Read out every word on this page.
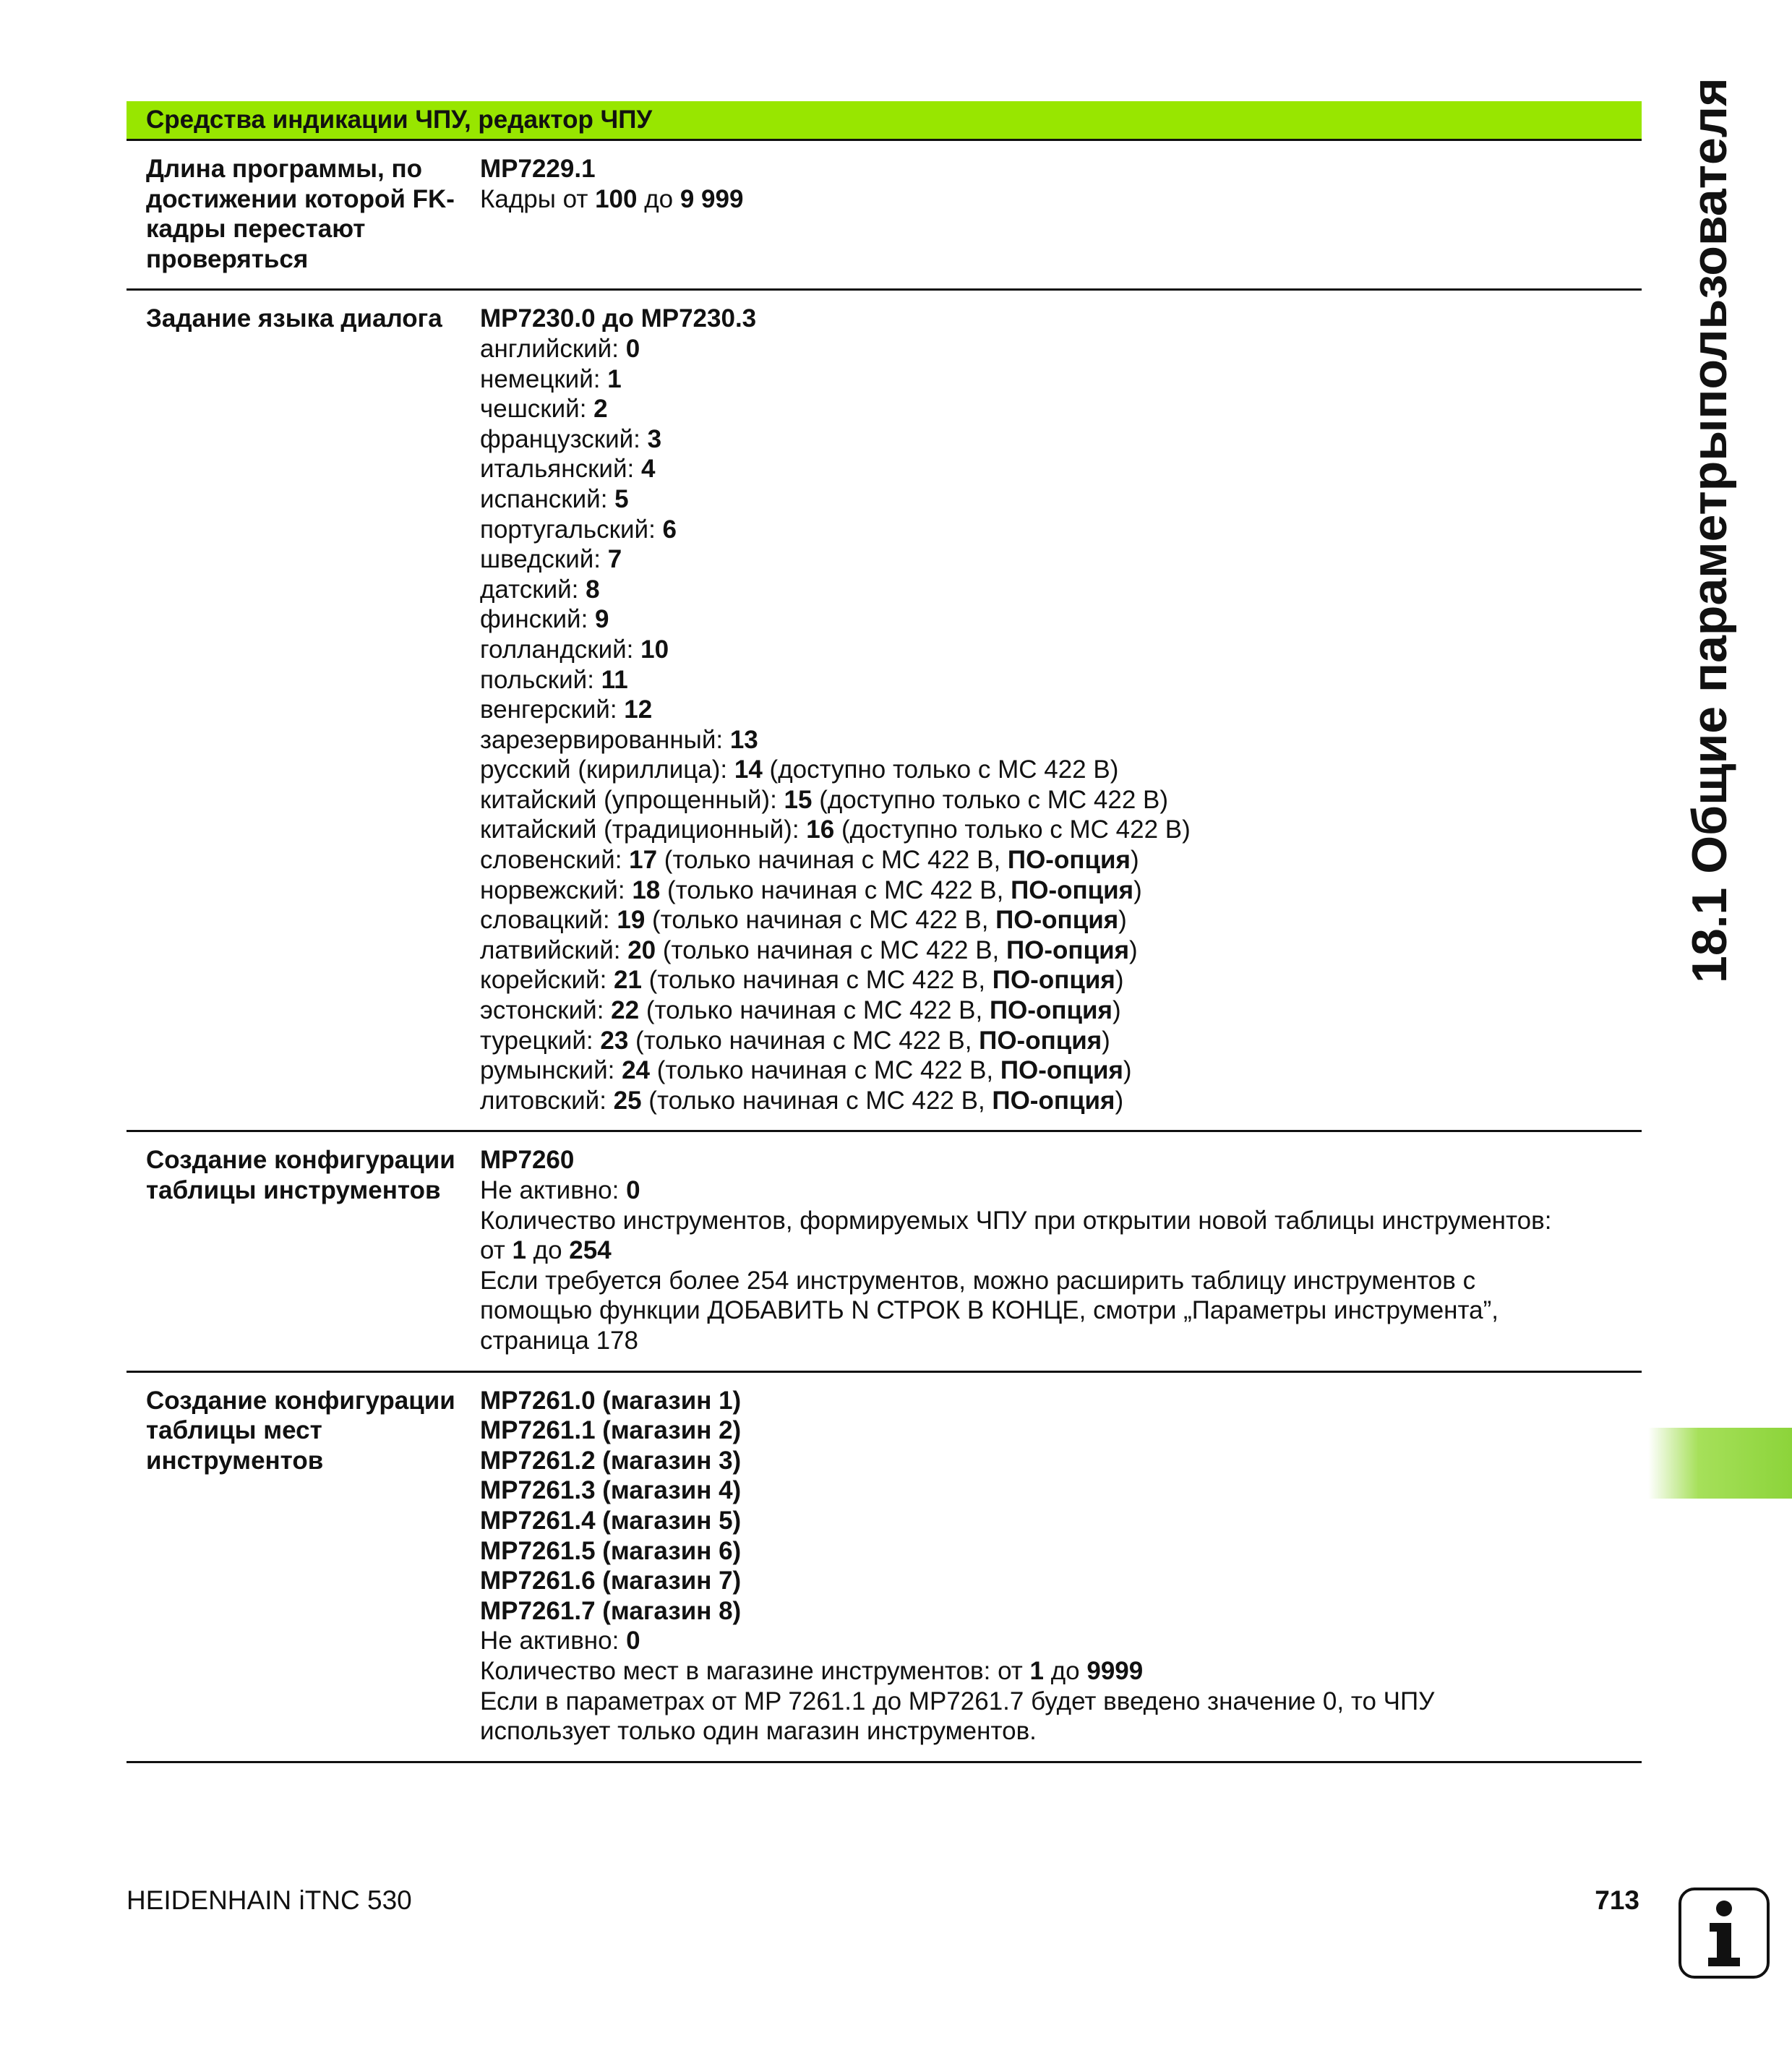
Средства индикации ЧПУ, редактор ЧПУ
Длина программы, по достижении которой FK-кадры перестают проверяться
MP7229.1
Кадры от 100 до 9 999
Задание языка диалога	MP7230.0 до MP7230.3
английский: 0
немецкий: 1
чешский: 2
французский: 3
итальянский: 4
испанский: 5
португальский: 6
шведский: 7
датский: 8
финский: 9
голландский: 10
польский: 11
венгерский: 12
зарезервированный: 13
русский (кириллица): 14 (доступно только с MC 422 B)
китайский (упрощенный): 15 (доступно только с MC 422 B)
китайский (традиционный): 16 (доступно только с MC 422 B)
словенский: 17 (только начиная с MC 422 B, ПО-опция)
норвежский: 18 (только начиная с MC 422 B, ПО-опция)
словацкий: 19 (только начиная с MC 422 B, ПО-опция)
латвийский: 20 (только начиная с MC 422 B, ПО-опция)
корейский: 21 (только начиная с MC 422 B, ПО-опция)
эстонский: 22 (только начиная с MC 422 B, ПО-опция)
турецкий: 23 (только начиная с MC 422 B, ПО-опция)
румынский: 24 (только начиная с MC 422 B, ПО-опция)
литовский: 25 (только начиная с MC 422 B, ПО-опция)
Создание конфигурации таблицы инструментов
MP7260
Не активно: 0
Количество инструментов, формируемых ЧПУ при открытии новой таблицы инструментов:
от 1 до 254
Если требуется более 254 инструментов, можно расширить таблицу инструментов с
помощью функции ДОБАВИТЬ N СТРОК В КОНЦЕ, смотри „Параметры инструмента”,
страница 178
Создание конфигурации таблицы мест инструментов
MP7261.0 (магазин 1)
MP7261.1 (магазин 2)
MP7261.2 (магазин 3)
MP7261.3 (магазин 4)
MP7261.4 (магазин 5)
MP7261.5 (магазин 6)
MP7261.6 (магазин 7)
MP7261.7 (магазин 8)
Не активно: 0
Количество мест в магазине инструментов: от 1 до 9999
Если в параметрах от MP 7261.1 до MP7261.7 будет введено значение 0, то ЧПУ
использует только один магазин инструментов.
18.1 Общие параметрыпользователя
HEIDENHAIN iTNC 530	713
